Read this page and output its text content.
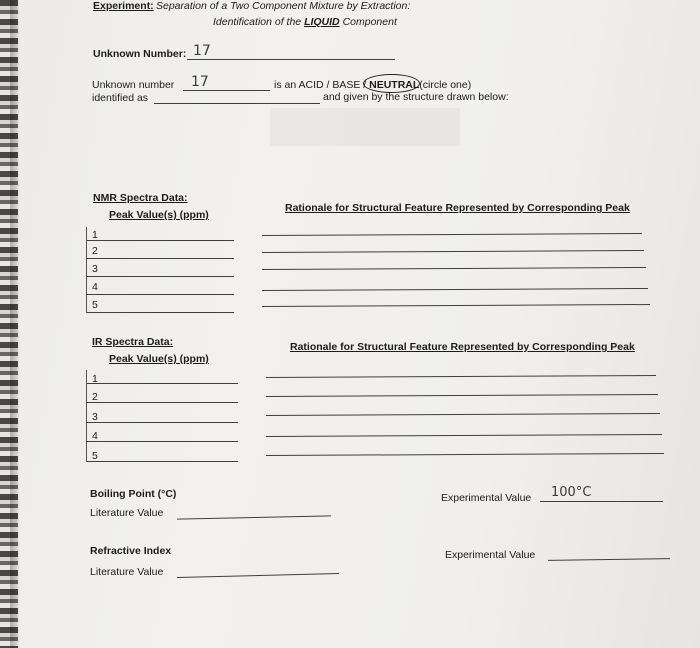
Experiment: Separation of a Two Component Mixture by Extraction:
Identification of the LIQUID Component
Unknown Number: 17
Unknown number 17	is an ACID / BASE / NEUTRAL(circle one)
identified as	and given by the structure drawn below:
NMR Spectra Data:
Peak Value(s) (ppm)
Rationale for Structural Feature Represented by Corresponding Peak
1
2
3
4
5
IR Spectra Data:
Peak Value(s) (ppm)
Rationale for Structural Feature Represented by Corresponding Peak
1
2
3
4
5
Boiling Point (°C)
Literature Value
Experimental Value 100°C
Refractive Index
Literature Value
Experimental Value
